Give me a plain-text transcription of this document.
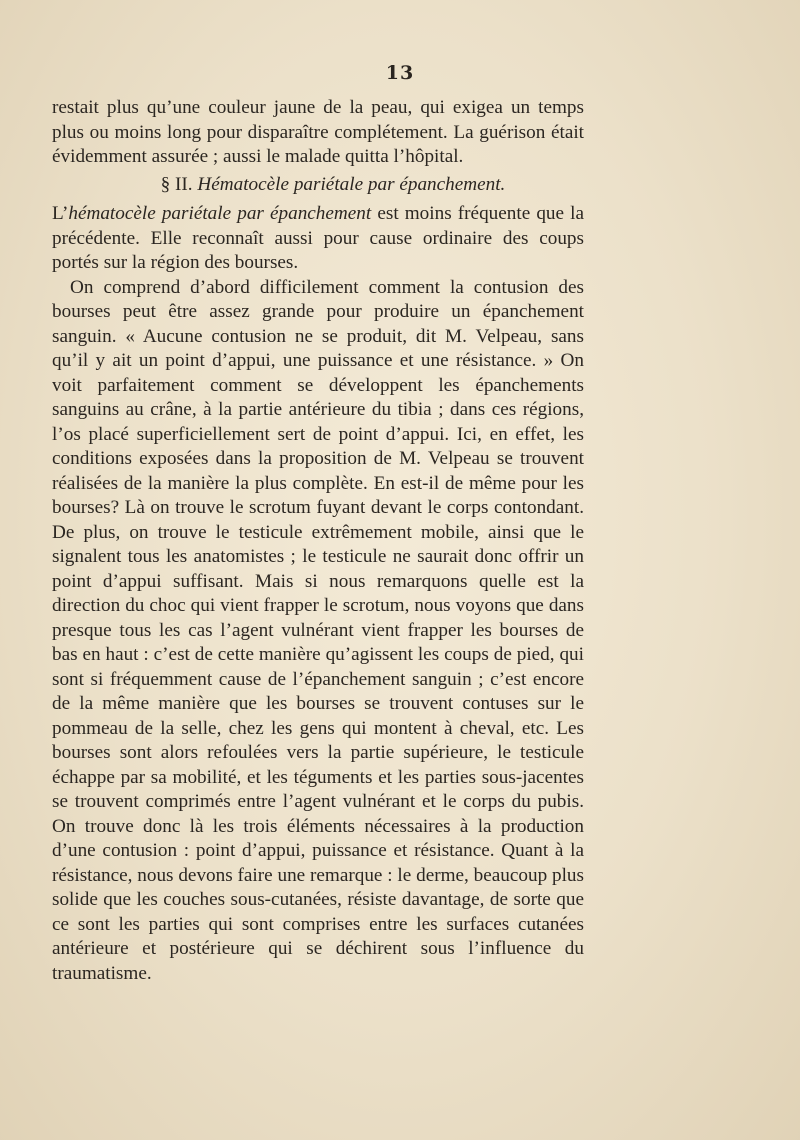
13

restait plus qu’une couleur jaune de la peau, qui exigea un temps plus ou moins long pour disparaître complétement. La guérison était évidemment assurée ; aussi le malade quitta l’hôpital.

§ II. Hématocèle pariétale par épanchement.

L’hématocèle pariétale par épanchement est moins fréquente que la précédente. Elle reconnaît aussi pour cause ordinaire des coups portés sur la région des bourses.

On comprend d’abord difficilement comment la contusion des bourses peut être assez grande pour produire un épanchement sanguin. « Aucune contusion ne se produit, dit M. Velpeau, sans qu’il y ait un point d’appui, une puissance et une résistance. » On voit parfaitement comment se développent les épanchements sanguins au crâne, à la partie antérieure du tibia ; dans ces régions, l’os placé superficiellement sert de point d’appui. Ici, en effet, les conditions exposées dans la proposition de M. Velpeau se trouvent réalisées de la manière la plus complète. En est-il de même pour les bourses? Là on trouve le scrotum fuyant devant le corps contondant. De plus, on trouve le testicule extrêmement mobile, ainsi que le signalent tous les anatomistes ; le testicule ne saurait donc offrir un point d’appui suffisant. Mais si nous remarquons quelle est la direction du choc qui vient frapper le scrotum, nous voyons que dans presque tous les cas l’agent vulnérant vient frapper les bourses de bas en haut : c’est de cette manière qu’agissent les coups de pied, qui sont si fréquemment cause de l’épanchement sanguin ; c’est encore de la même manière que les bourses se trouvent contuses sur le pommeau de la selle, chez les gens qui montent à cheval, etc. Les bourses sont alors refoulées vers la partie supérieure, le testicule échappe par sa mobilité, et les téguments et les parties sous-jacentes se trouvent comprimés entre l’agent vulnérant et le corps du pubis. On trouve donc là les trois éléments nécessaires à la production d’une contusion : point d’appui, puissance et résistance. Quant à la résistance, nous devons faire une remarque : le derme, beaucoup plus solide que les couches sous-cutanées, résiste davantage, de sorte que ce sont les parties qui sont comprises entre les surfaces cutanées antérieure et postérieure qui se déchirent sous l’influence du traumatisme.
